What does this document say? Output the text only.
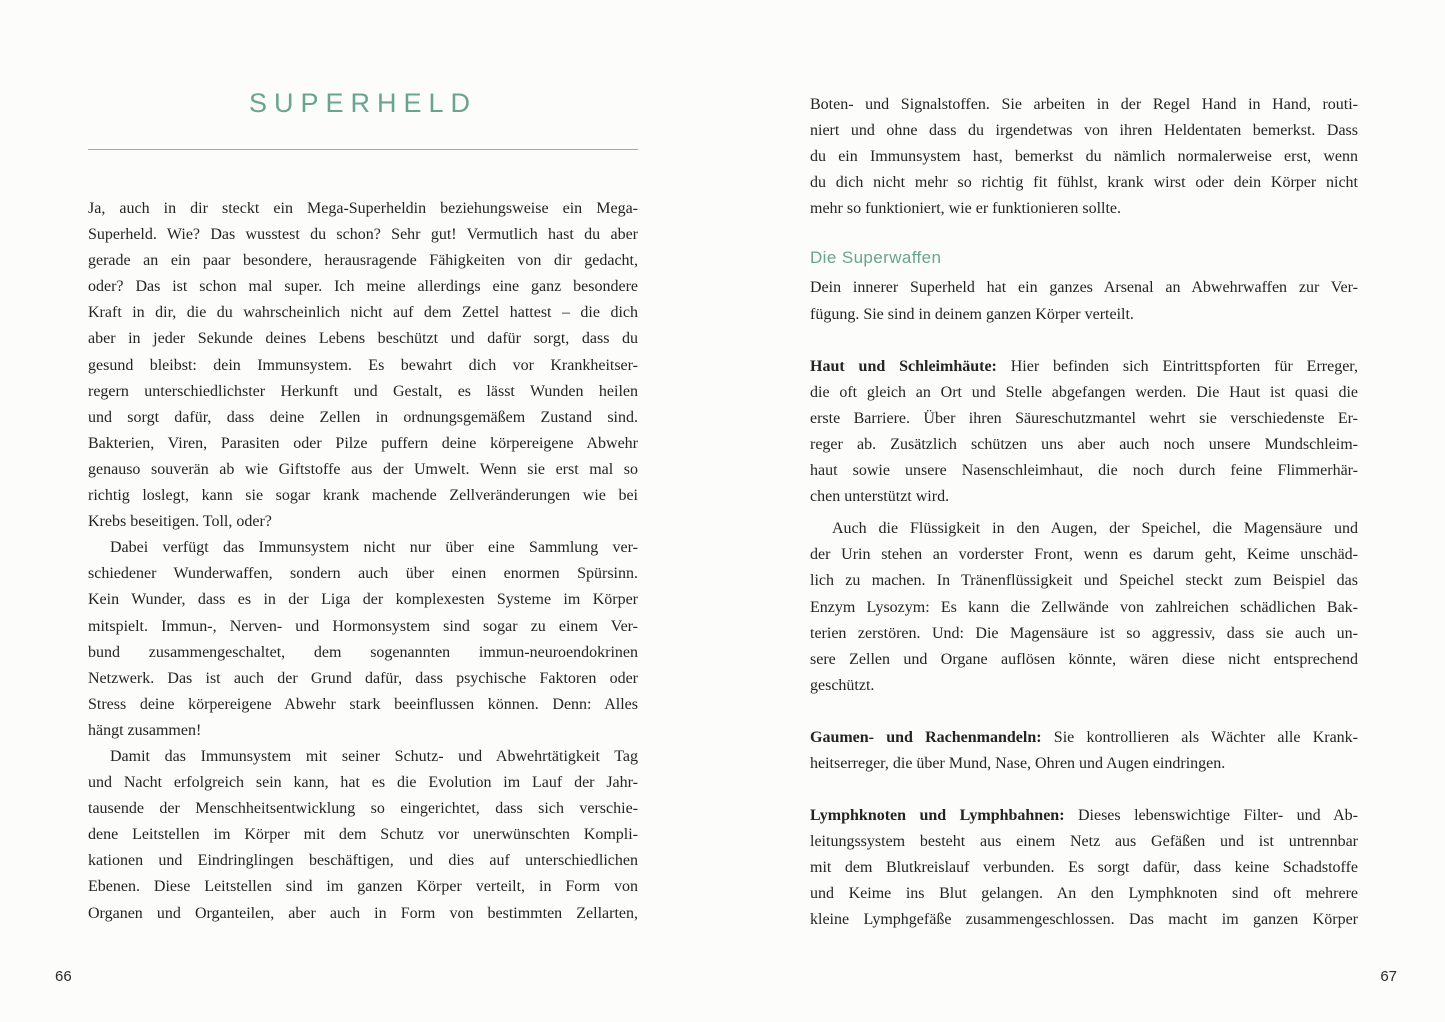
SUPERHELD
Ja, auch in dir steckt ein Mega-Superheldin beziehungsweise ein Mega-
Superheld. Wie? Das wusstest du schon? Sehr gut! Vermutlich hast du aber
gerade an ein paar besondere, herausragende Fähigkeiten von dir gedacht,
oder? Das ist schon mal super. Ich meine allerdings eine ganz besondere
Kraft in dir, die du wahrscheinlich nicht auf dem Zettel hattest – die dich
aber in jeder Sekunde deines Lebens beschützt und dafür sorgt, dass du
gesund bleibst: dein Immunsystem. Es bewahrt dich vor Krankheitser-
regern unterschiedlichster Herkunft und Gestalt, es lässt Wunden heilen
und sorgt dafür, dass deine Zellen in ordnungsgemäßem Zustand sind.
Bakterien, Viren, Parasiten oder Pilze puffern deine körpereigene Abwehr
genauso souverän ab wie Giftstoffe aus der Umwelt. Wenn sie erst mal so
richtig loslegt, kann sie sogar krank machende Zellveränderungen wie bei
Krebs beseitigen. Toll, oder?
Dabei verfügt das Immunsystem nicht nur über eine Sammlung ver-
schiedener Wunderwaffen, sondern auch über einen enormen Spürsinn.
Kein Wunder, dass es in der Liga der komplexesten Systeme im Körper
mitspielt. Immun-, Nerven- und Hormonsystem sind sogar zu einem Ver-
bund zusammengeschaltet, dem sogenannten immun-neuroendokrinen
Netzwerk. Das ist auch der Grund dafür, dass psychische Faktoren oder
Stress deine körpereigene Abwehr stark beeinflussen können. Denn: Alles
hängt zusammen!
Damit das Immunsystem mit seiner Schutz- und Abwehrtätigkeit Tag
und Nacht erfolgreich sein kann, hat es die Evolution im Lauf der Jahr-
tausende der Menschheitsentwicklung so eingerichtet, dass sich verschie-
dene Leitstellen im Körper mit dem Schutz vor unerwünschten Kompli-
kationen und Eindringlingen beschäftigen, und dies auf unterschiedlichen
Ebenen. Diese Leitstellen sind im ganzen Körper verteilt, in Form von
Organen und Organteilen, aber auch in Form von bestimmten Zellarten,
Boten- und Signalstoffen. Sie arbeiten in der Regel Hand in Hand, routi-
niert und ohne dass du irgendetwas von ihren Heldentaten bemerkst. Dass
du ein Immunsystem hast, bemerkst du nämlich normalerweise erst, wenn
du dich nicht mehr so richtig fit fühlst, krank wirst oder dein Körper nicht
mehr so funktioniert, wie er funktionieren sollte.
Die Superwaffen
Dein innerer Superheld hat ein ganzes Arsenal an Abwehrwaffen zur Ver-
fügung. Sie sind in deinem ganzen Körper verteilt.
Haut und Schleimhäute: Hier befinden sich Eintrittspforten für Erreger,
die oft gleich an Ort und Stelle abgefangen werden. Die Haut ist quasi die
erste Barriere. Über ihren Säureschutzmantel wehrt sie verschiedenste Er-
reger ab. Zusätzlich schützen uns aber auch noch unsere Mundschleim-
haut sowie unsere Nasenschleimhaut, die noch durch feine Flimmerhär-
chen unterstützt wird.
Auch die Flüssigkeit in den Augen, der Speichel, die Magensäure und
der Urin stehen an vorderster Front, wenn es darum geht, Keime unschäd-
lich zu machen. In Tränenflüssigkeit und Speichel steckt zum Beispiel das
Enzym Lysozym: Es kann die Zellwände von zahlreichen schädlichen Bak-
terien zerstören. Und: Die Magensäure ist so aggressiv, dass sie auch un-
sere Zellen und Organe auflösen könnte, wären diese nicht entsprechend
geschützt.
Gaumen- und Rachenmandeln: Sie kontrollieren als Wächter alle Krank-
heitserreger, die über Mund, Nase, Ohren und Augen eindringen.
Lymphknoten und Lymphbahnen: Dieses lebenswichtige Filter- und Ab-
leitungssystem besteht aus einem Netz aus Gefäßen und ist untrennbar
mit dem Blutkreislauf verbunden. Es sorgt dafür, dass keine Schadstoffe
und Keime ins Blut gelangen. An den Lymphknoten sind oft mehrere
kleine Lymphgefäße zusammengeschlossen. Das macht im ganzen Körper
66	67
